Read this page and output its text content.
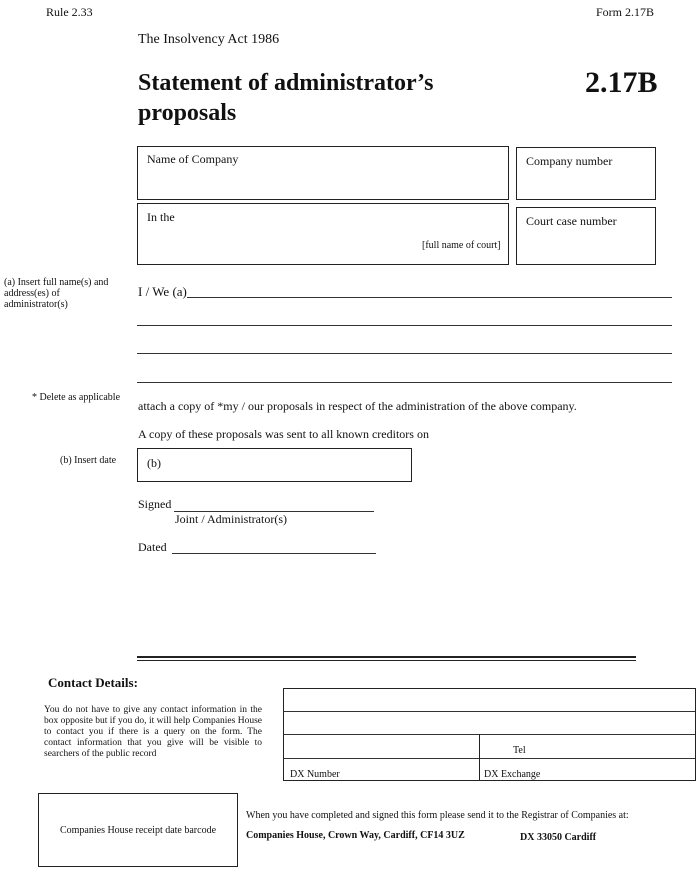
Rule 2.33	Form 2.17B
The Insolvency Act 1986
Statement of administrator’s
proposals
2.17B
Name of Company	Company number
In the
[full name of court]
Court case number
(a) Insert full name(s) and address(es) of administrator(s)
I / We (a)
* Delete as applicable
attach a copy of *my / our proposals in respect of the administration of the above company.
A copy of these proposals was sent to all known creditors on
(b) Insert date	(b)
Signed
Joint / Administrator(s)
Dated
Contact Details:
You do not have to give any contact information in the box opposite but if you do, it will help Companies House to contact you if there is a query on the form. The contact information that you give will be visible to searchers of the public record	Tel
DX Number	DX Exchange
Companies House receipt date barcode
When you have completed and signed this form please send it to the Registrar of Companies at:
Companies House, Crown Way, Cardiff, CF14 3UZ	DX 33050 Cardiff
